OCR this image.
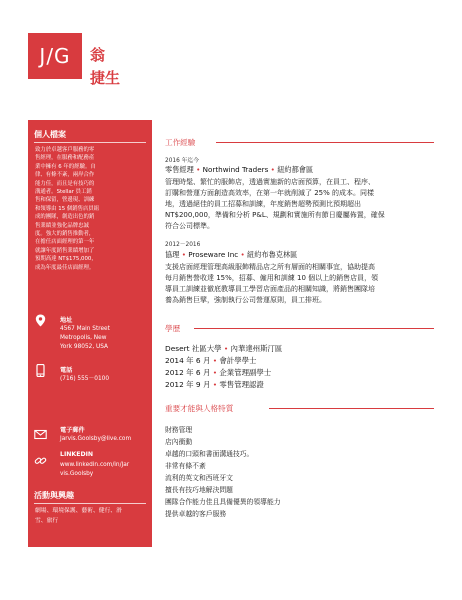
J/G 翁
捷生
個人檔案
致力於卓越客戶服務的零
售經理，在服務和配務產
業中擁有 6 年的經驗。自
律、有條不紊，兩岸合作
能力佳，而且是有技巧的
溝通者。Stellar 員工銷
售和保留，營邊現、訓練
和領導由 15 個銷售店員組
成的團隊，創造出色的銷
售業績並強化品牌忠誠
度。強大的銷售推動者，
在擔任店面經理的第一年
就讓年度銷售業績增加了
預期高達 NT$175,000，
成為年度最佳店面經理。
地址
4567 Main Street
Metropolis, New
York 98052, USA
電話
(716) 555－0100
電子郵件
Jarvis.Goolsby@live.com
LINKEDIN
www.linkedin.com/in/Jar
vis.Goolsby
活動與興趣
劇場、環境保護、藝術、健行、滑
雪、旅行
工作經驗
2016 年迄今
零售經理 • Northwind Traders • 紐約都會區
管理時髦、繁忙的服飾店，透過實施新的店面預算，在員工、程序、
訂購和營運方面創造高效率，在第一年就削減了 25% 的成本。同樣
地，透過絕佳的員工招募和訓練，年度銷售超勢預測比預期超出
NT$200,000，準備和分析 P&L、規劃和實施所有節日慶屬佈置，確保
符合公司標準。
2012－2016
協理 • Proseware Inc • 紐約布魯克林區
支援店面經理管理高級服飾精品店之所有層面的相關事宜，協助提高
每月銷售營收達 15%，招募、僱用和訓練 10 個以上的銷售店員，領
導員工訓練並徹底教導員工學習店面產品的相關知識，將銷售團隊培
養為銷售巨擘，強制執行公司營運原則，員工排班。
學歷
Desert 社區大學 • 內華達州斯汀區
2014 年 6 月 • 會計學學士
2012 年 6 月 • 企業管理副學士
2012 年 9 月 • 零售管理認證
重要才能與人格特質
財務管理
店內衝動
卓越的口頭和書面溝通技巧。
非常有條不紊
流利的英文和西班牙文
擅長有技巧地解決問題
團隊合作能力佳且具備優異的領導能力
提供卓越的客戶服務
